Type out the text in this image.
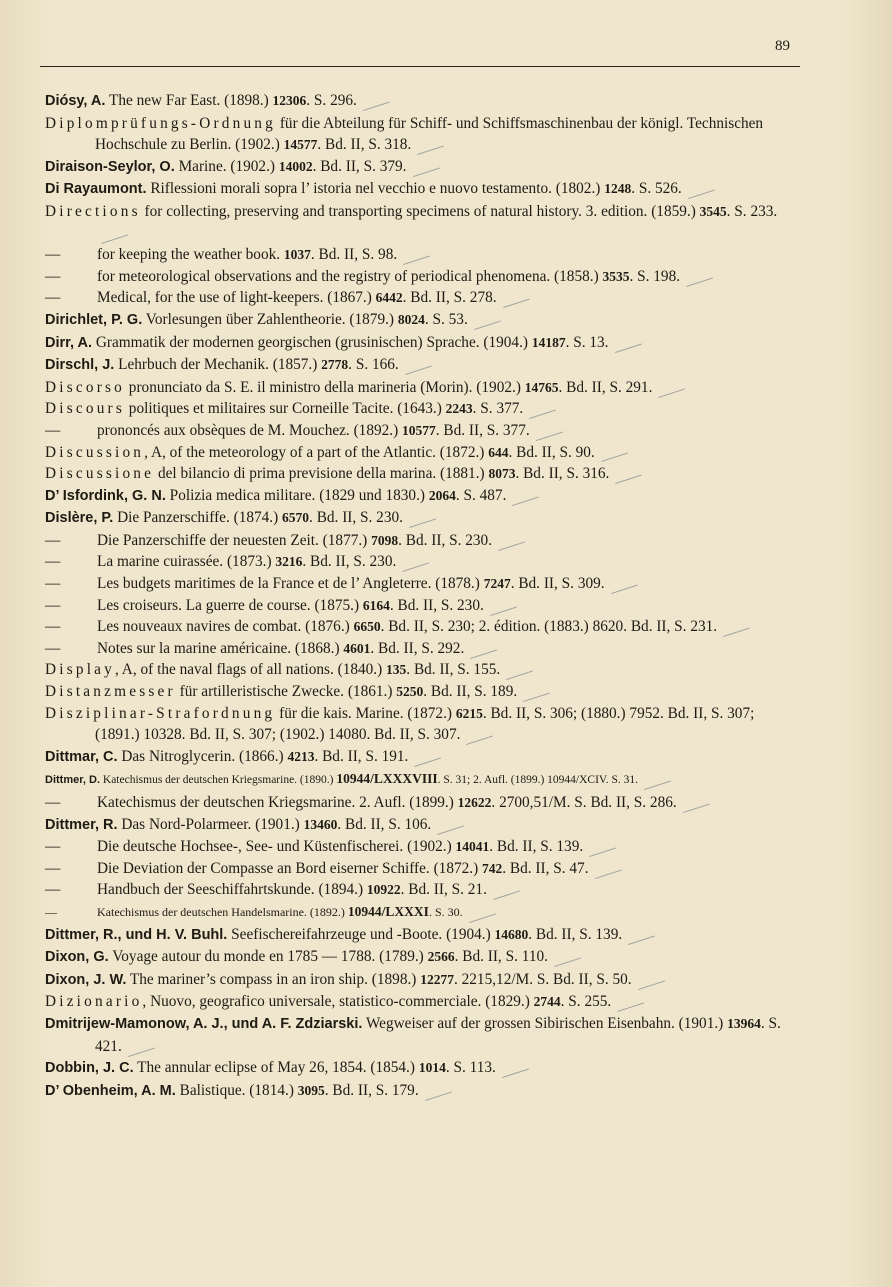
89

Diósy, A. The new Far East. (1898.) 12306. S. 296.

Diplomprüfungs-Ordnung für die Abteilung für Schiff- und Schiffsmaschinenbau der königl. Technischen Hochschule zu Berlin. (1902.) 14577. Bd. II, S. 318.

Diraison-Seylor, O. Marine. (1902.) 14002. Bd. II, S. 379.

Di Rayaumont. Riflessioni morali sopra l’ istoria nel vecchio e nuovo testamento. (1802.) 1248. S. 526.

Directions for collecting, preserving and transporting specimens of natural history. 3. edition. (1859.) 3545. S. 233.

— for keeping the weather book. 1037. Bd. II, S. 98.

— for meteorological observations and the registry of periodical phenomena. (1858.) 3535. S. 198.

— Medical, for the use of light-keepers. (1867.) 6442. Bd. II, S. 278.

Dirichlet, P. G. Vorlesungen über Zahlentheorie. (1879.) 8024. S. 53.

Dirr, A. Grammatik der modernen georgischen (grusinischen) Sprache. (1904.) 14187. S. 13.

Dirschl, J. Lehrbuch der Mechanik. (1857.) 2778. S. 166.

Discorso pronunciato da S. E. il ministro della marineria (Morin). (1902.) 14765. Bd. II, S. 291.

Discours politiques et militaires sur Corneille Tacite. (1643.) 2243. S. 377.

— prononcés aux obsèques de M. Mouchez. (1892.) 10577. Bd. II, S. 377.

Discussion, A, of the meteorology of a part of the Atlantic. (1872.) 644. Bd. II, S. 90.

Discussione del bilancio di prima previsione della marina. (1881.) 8073. Bd. II, S. 316.

D’ Isfordink, G. N. Polizia medica militare. (1829 und 1830.) 2064. S. 487.

Dislère, P. Die Panzerschiffe. (1874.) 6570. Bd. II, S. 230.

— Die Panzerschiffe der neuesten Zeit. (1877.) 7098. Bd. II, S. 230.

— La marine cuirassée. (1873.) 3216. Bd. II, S. 230.

— Les budgets maritimes de la France et de l’ Angleterre. (1878.) 7247. Bd. II, S. 309.

— Les croiseurs. La guerre de course. (1875.) 6164. Bd. II, S. 230.

— Les nouveaux navires de combat. (1876.) 6650. Bd. II, S. 230; 2. édition. (1883.) 8620. Bd. II, S. 231.

— Notes sur la marine américaine. (1868.) 4601. Bd. II, S. 292.

Display, A, of the naval flags of all nations. (1840.) 135. Bd. II, S. 155.

Distanzmesser für artilleristische Zwecke. (1861.) 5250. Bd. II, S. 189.

Disziplinar-Strafordnung für die kais. Marine. (1872.) 6215. Bd. II, S. 306; (1880.) 7952. Bd. II, S. 307; (1891.) 10328. Bd. II, S. 307; (1902.) 14080. Bd. II, S. 307.

Dittmar, C. Das Nitroglycerin. (1866.) 4213. Bd. II, S. 191.

Dittmer, D. Katechismus der deutschen Kriegsmarine. (1890.) 10944/LXXXVIII. S. 31; 2. Aufl. (1899.) 10944/XCIV. S. 31.

— Katechismus der deutschen Kriegsmarine. 2. Aufl. (1899.) 12622. 2700,51/M. S. Bd. II, S. 286.

Dittmer, R. Das Nord-Polarmeer. (1901.) 13460. Bd. II, S. 106.

— Die deutsche Hochsee-, See- und Küstenfischerei. (1902.) 14041. Bd. II, S. 139.

— Die Deviation der Compasse an Bord eiserner Schiffe. (1872.) 742. Bd. II, S. 47.

— Handbuch der Seeschiffahrtskunde. (1894.) 10922. Bd. II, S. 21.

—	Katechismus der deutschen Handelsmarine. (1892.) 10944/LXXXI. S. 30.

Dittmer, R., und H. V. Buhl. Seefischereifahrzeuge und -Boote. (1904.) 14680. Bd. II, S. 139.

Dixon, G. Voyage autour du monde en 1785 — 1788. (1789.) 2566. Bd. II, S. 110.

Dixon, J. W. The mariner’s compass in an iron ship. (1898.) 12277. 2215,12/M. S. Bd. II, S. 50.

Dizionario, Nuovo, geografico universale, statistico-commerciale. (1829.) 2744. S. 255.

Dmitrijew-Mamonow, A. J., und A. F. Zdziarski. Wegweiser auf der grossen Sibirischen Eisenbahn. (1901.) 13964. S. 421.

Dobbin, J. C. The annular eclipse of May 26, 1854. (1854.) 1014. S. 113.

D’ Obenheim, A. M. Balistique. (1814.) 3095. Bd. II, S. 179.
